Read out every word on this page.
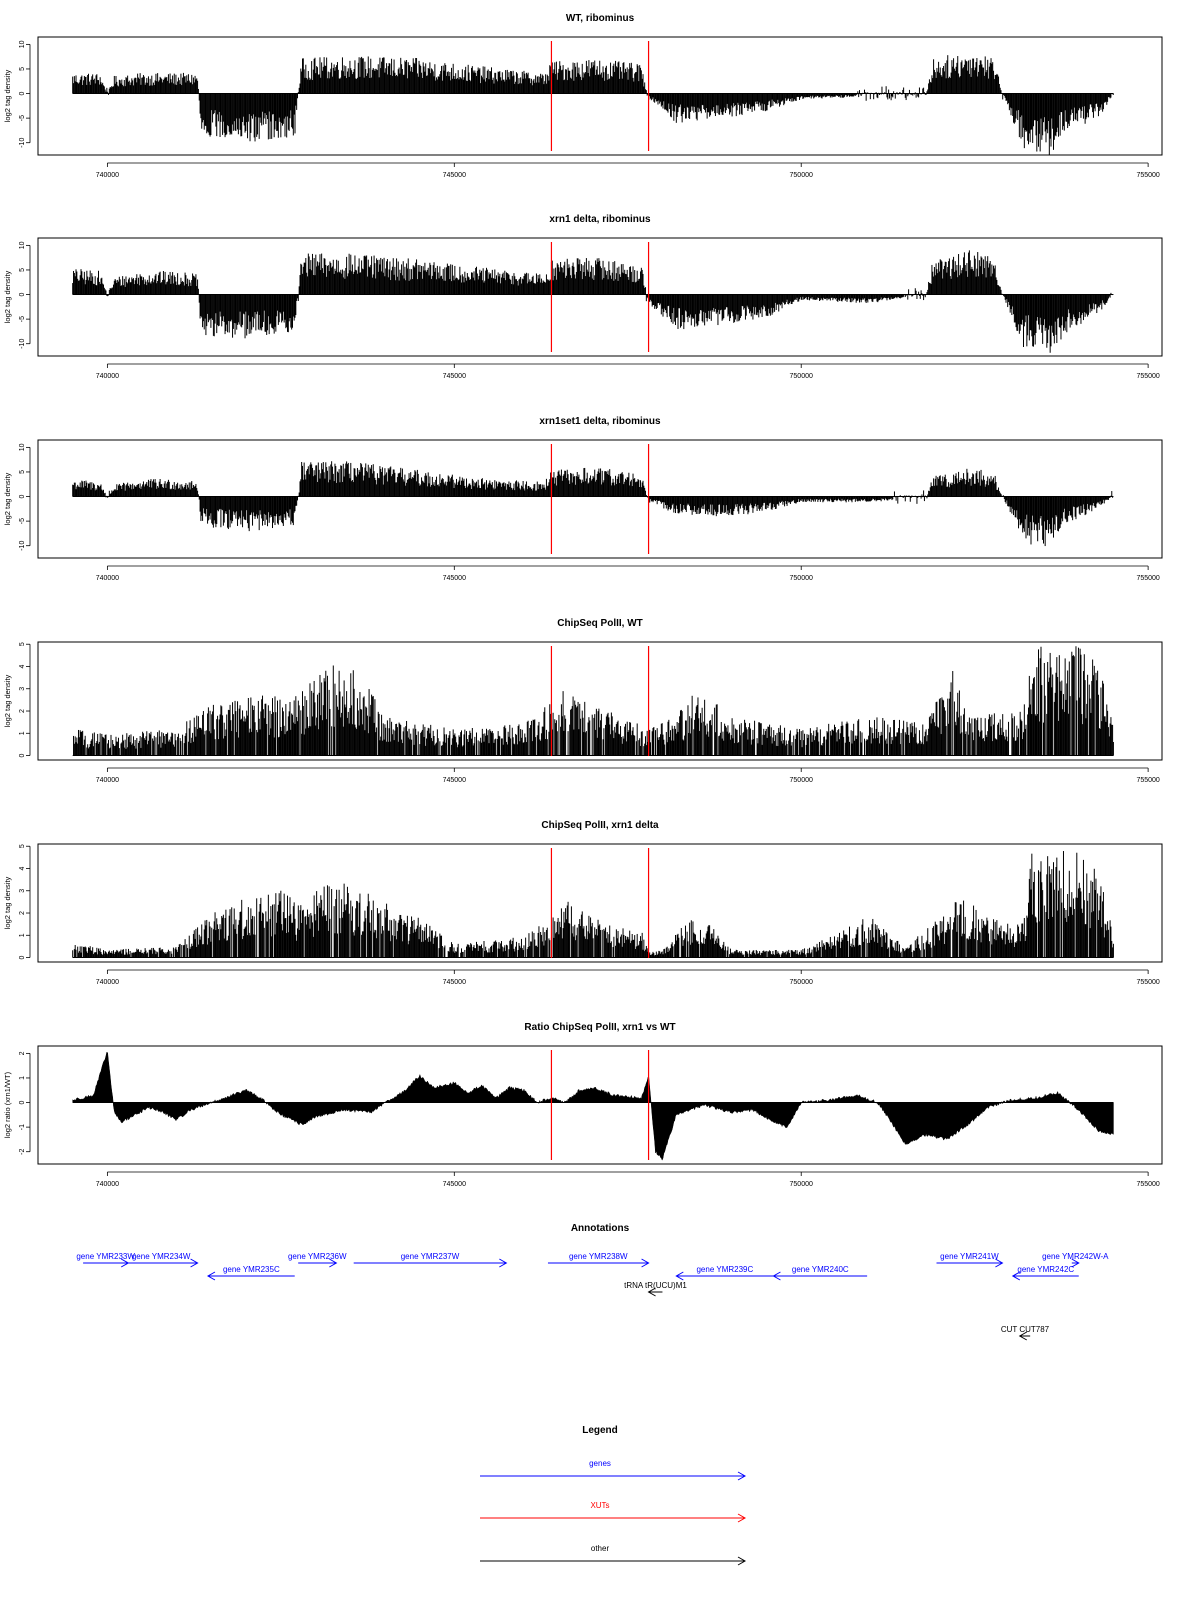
WT, ribominus
10
5
0
-5
-10
log2 tag density
740000	745000	750000	755000
xrn1 delta, ribominus
10
5
0
-5
-10
log2 tag density
740000	745000	750000	755000
xrn1set1 delta, ribominus
10
5
0
-5
-10
log2 tag density
740000	745000	750000	755000
ChipSeq PolII, WT
0
1
2
3
4
5
log2 tag density
740000	745000	750000	755000
ChipSeq PolII, xrn1 delta
0
1
2
3
4
5
log2 tag density
740000	745000	750000	755000
Ratio ChipSeq PolII, xrn1 vs WT
2
1
0
-1
-2
log2 ratio (xrn1/WT)
740000	745000	750000	755000
Annotations
gene YMR233W
gene YMR234W
gene YMR235C
gene YMR236W	gene YMR237W	gene YMR238W
gene YMR239C	gene YMR240C
gene YMR241W
gene YMR242C
gene YMR242W-A
tRNA tR(UCU)M1
CUT CUT787
Legend
genes
XUTs
other
